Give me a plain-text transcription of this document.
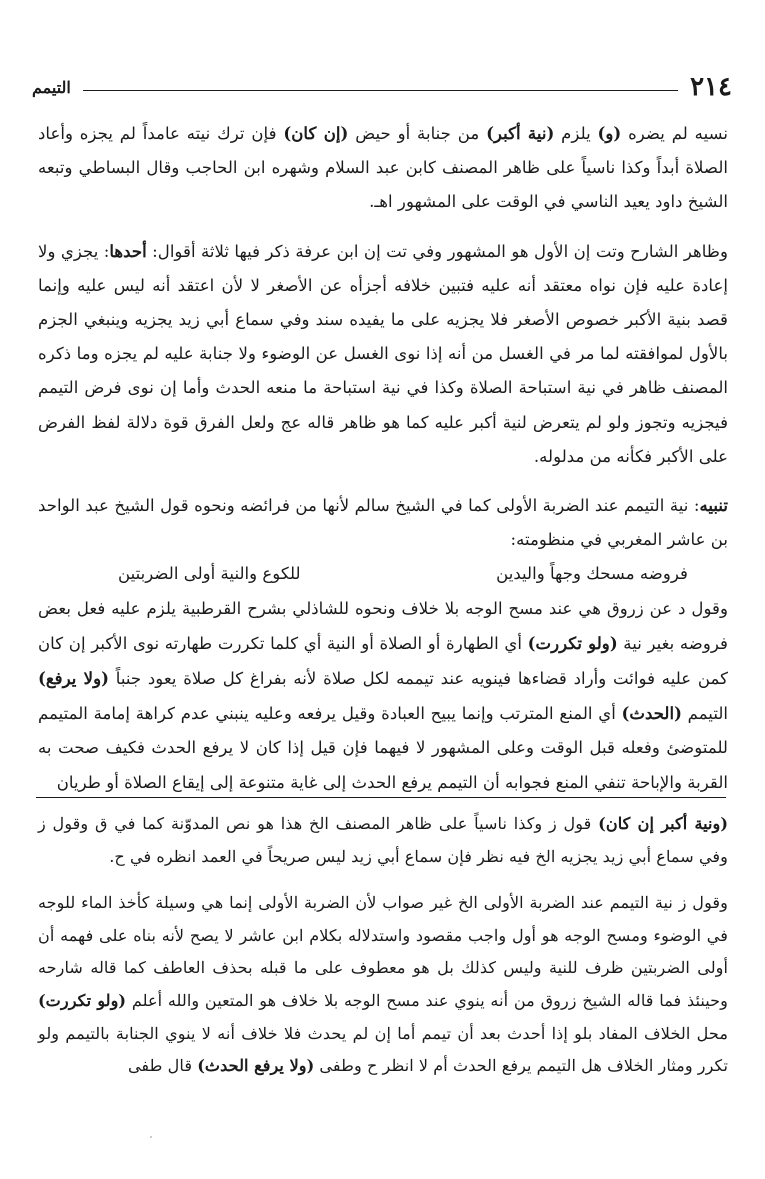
٢١٤
التيمم

نسيه لم يضره (و) يلزم (نية أكبر) من جنابة أو حيض (إن كان) فإن ترك نيته عامداً لم يجزه وأعاد الصلاة أبداً وكذا ناسياً على ظاهر المصنف كابن عبد السلام وشهره ابن الحاجب وقال البساطي وتبعه الشيخ داود يعيد الناسي في الوقت على المشهور اهـ.

وظاهر الشارح وتت إن الأول هو المشهور وفي تت إن ابن عرفة ذكر فيها ثلاثة أقوال: أحدها: يجزي ولا إعادة عليه فإن نواه معتقد أنه عليه فتبين خلافه أجزأه عن الأصغر لا لأن اعتقد أنه ليس عليه وإنما قصد بنية الأكبر خصوص الأصغر فلا يجزيه على ما يفيده سند وفي سماع أبي زيد يجزيه وينبغي الجزم بالأول لموافقته لما مر في الغسل من أنه إذا نوى الغسل عن الوضوء ولا جنابة عليه لم يجزه وما ذكره المصنف ظاهر في نية استباحة الصلاة وكذا في نية استباحة ما منعه الحدث وأما إن نوى فرض التيمم فيجزيه وتجوز ولو لم يتعرض لنية أكبر عليه كما هو ظاهر قاله عج ولعل الفرق قوة دلالة لفظ الفرض على الأكبر فكأنه من مدلوله.

تنبيه: نية التيمم عند الضربة الأولى كما في الشيخ سالم لأنها من فرائضه ونحوه قول الشيخ عبد الواحد بن عاشر المغربي في منظومته:

فروضه مسحك وجهاً واليدين
للكوع والنية أولى الضربتين

وقول د عن زروق هي عند مسح الوجه بلا خلاف ونحوه للشاذلي بشرح القرطبية يلزم عليه فعل بعض فروضه بغير نية (ولو تكررت) أي الطهارة أو الصلاة أو النية أي كلما تكررت طهارته نوى الأكبر إن كان كمن عليه فوائت وأراد قضاءها فينويه عند تيممه لكل صلاة لأنه بفراغ كل صلاة يعود جنباً (ولا يرفع) التيمم (الحدث) أي المنع المترتب وإنما يبيح العبادة وقيل يرفعه وعليه ينبني عدم كراهة إمامة المتيمم للمتوضئ وفعله قبل الوقت وعلى المشهور لا فيهما فإن قيل إذا كان لا يرفع الحدث فكيف صحت به القربة والإباحة تنفي المنع فجوابه أن التيمم يرفع الحدث إلى غاية متنوعة إلى إيقاع الصلاة أو طريان

(ونية أكبر إن كان) قول ز وكذا ناسياً على ظاهر المصنف الخ هذا هو نص المدوّنة كما في ق وقول ز وفي سماع أبي زيد يجزيه الخ فيه نظر فإن سماع أبي زيد ليس صريحاً في العمد انظره في ح.

وقول ز نية التيمم عند الضربة الأولى الخ غير صواب لأن الضربة الأولى إنما هي وسيلة كأخذ الماء للوجه في الوضوء ومسح الوجه هو أول واجب مقصود واستدلاله بكلام ابن عاشر لا يصح لأنه بناه على فهمه أن أولى الضربتين ظرف للنية وليس كذلك بل هو معطوف على ما قبله بحذف العاطف كما قاله شارحه وحينئذ فما قاله الشيخ زروق من أنه ينوي عند مسح الوجه بلا خلاف هو المتعين والله أعلم (ولو تكررت) محل الخلاف المفاد بلو إذا أحدث بعد أن تيمم أما إن لم يحدث فلا خلاف أنه لا ينوي الجنابة بالتيمم ولو تكرر ومثار الخلاف هل التيمم يرفع الحدث أم لا انظر ح وطفى (ولا يرفع الحدث) قال طفى
